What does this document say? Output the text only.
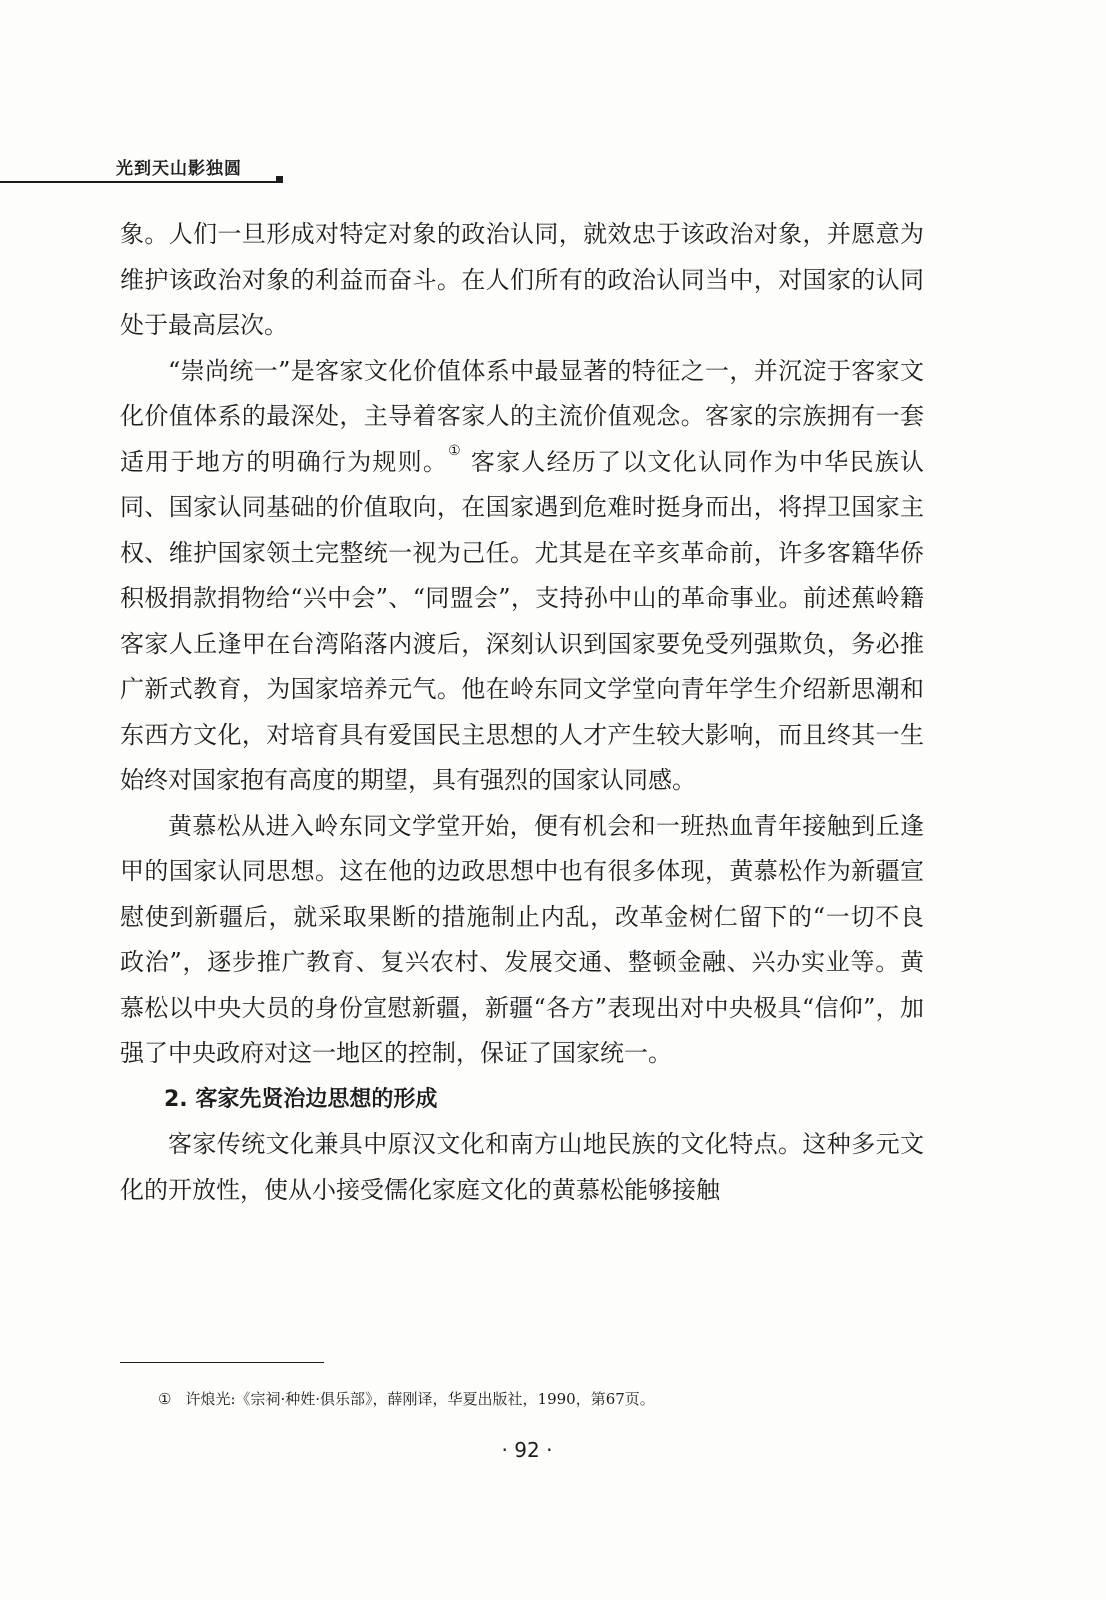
光到天山影独圆

象。人们一旦形成对特定对象的政治认同，就效忠于该政治对象，并愿意为维护该政治对象的利益而奋斗。在人们所有的政治认同当中，对国家的认同处于最高层次。

“崇尚统一”是客家文化价值体系中最显著的特征之一，并沉淀于客家文化价值体系的最深处，主导着客家人的主流价值观念。客家的宗族拥有一套适用于地方的明确行为规则。① 客家人经历了以文化认同作为中华民族认同、国家认同基础的价值取向，在国家遇到危难时挺身而出，将捍卫国家主权、维护国家领土完整统一视为己任。尤其是在辛亥革命前，许多客籍华侨积极捐款捐物给“兴中会”、“同盟会”，支持孙中山的革命事业。前述蕉岭籍客家人丘逢甲在台湾陷落内渡后，深刻认识到国家要免受列强欺负，务必推广新式教育，为国家培养元气。他在岭东同文学堂向青年学生介绍新思潮和东西方文化，对培育具有爱国民主思想的人才产生较大影响，而且终其一生始终对国家抱有高度的期望，具有强烈的国家认同感。

黄慕松从进入岭东同文学堂开始，便有机会和一班热血青年接触到丘逢甲的国家认同思想。这在他的边政思想中也有很多体现，黄慕松作为新疆宣慰使到新疆后，就采取果断的措施制止内乱，改革金树仁留下的“一切不良政治”，逐步推广教育、复兴农村、发展交通、整顿金融、兴办实业等。黄慕松以中央大员的身份宣慰新疆，新疆“各方”表现出对中央极具“信仰”，加强了中央政府对这一地区的控制，保证了国家统一。

2. 客家先贤治边思想的形成

客家传统文化兼具中原汉文化和南方山地民族的文化特点。这种多元文化的开放性，使从小接受儒化家庭文化的黄慕松能够接触

① 许烺光:《宗祠·种姓·俱乐部》，薛刚译，华夏出版社，1990，第67页。
· 92 ·
